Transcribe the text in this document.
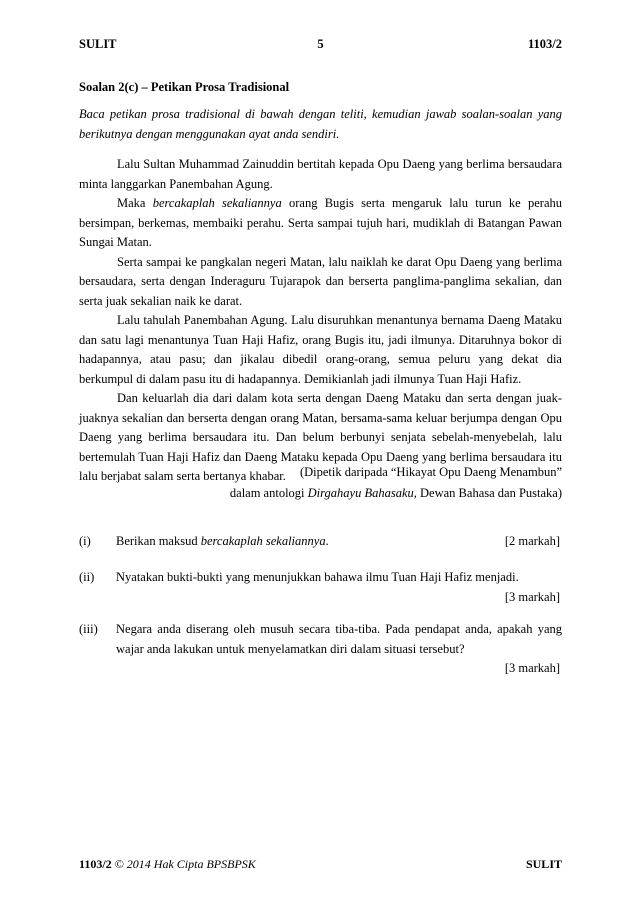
SULIT	5	1103/2
Soalan 2(c) – Petikan Prosa Tradisional
Baca petikan prosa tradisional di bawah dengan teliti, kemudian jawab soalan-soalan yang berikutnya dengan menggunakan ayat anda sendiri.

Lalu Sultan Muhammad Zainuddin bertitah kepada Opu Daeng yang berlima bersaudara minta langgarkan Panembahan Agung.

Maka bercakaplah sekaliannya orang Bugis serta mengaruk lalu turun ke perahu bersimpan, berkemas, membaiki perahu. Serta sampai tujuh hari, mudiklah di Batangan Pawan Sungai Matan.

Serta sampai ke pangkalan negeri Matan, lalu naiklah ke darat Opu Daeng yang berlima bersaudara, serta dengan Inderaguru Tujarapok dan berserta panglima-panglima sekalian, dan serta juak sekalian naik ke darat.

Lalu tahulah Panembahan Agung. Lalu disuruhkan menantunya bernama Daeng Mataku dan satu lagi menantunya Tuan Haji Hafiz, orang Bugis itu, jadi ilmunya. Ditaruhnya bokor di hadapannya, atau pasu; dan jikalau dibedil orang-orang, semua peluru yang dekat dia berkumpul di dalam pasu itu di hadapannya. Demikianlah jadi ilmunya Tuan Haji Hafiz.

Dan keluarlah dia dari dalam kota serta dengan Daeng Mataku dan serta dengan juak-juaknya sekalian dan berserta dengan orang Matan, bersama-sama keluar berjumpa dengan Opu Daeng yang berlima bersaudara itu. Dan belum berbunyi senjata sebelah-menyebelah, lalu bertemulah Tuan Haji Hafiz dan Daeng Mataku kepada Opu Daeng yang berlima bersaudara itu lalu berjabat salam serta bertanya khabar.	(Dipetik daripada “Hikayat Opu Daeng Menambun”
dalam antologi Dirgahayu Bahasaku, Dewan Bahasa dan Pustaka)
(i) Berikan maksud bercakaplah sekaliannya.	[2 markah]
(ii) Nyatakan bukti-bukti yang menunjukkan bahawa ilmu Tuan Haji Hafiz menjadi.
[3 markah]
(iii) Negara anda diserang oleh musuh secara tiba-tiba. Pada pendapat anda, apakah yang wajar anda lakukan untuk menyelamatkan diri dalam situasi tersebut?
[3 markah]
1103/2 © 2014 Hak Cipta BPSBPSK	SULIT
